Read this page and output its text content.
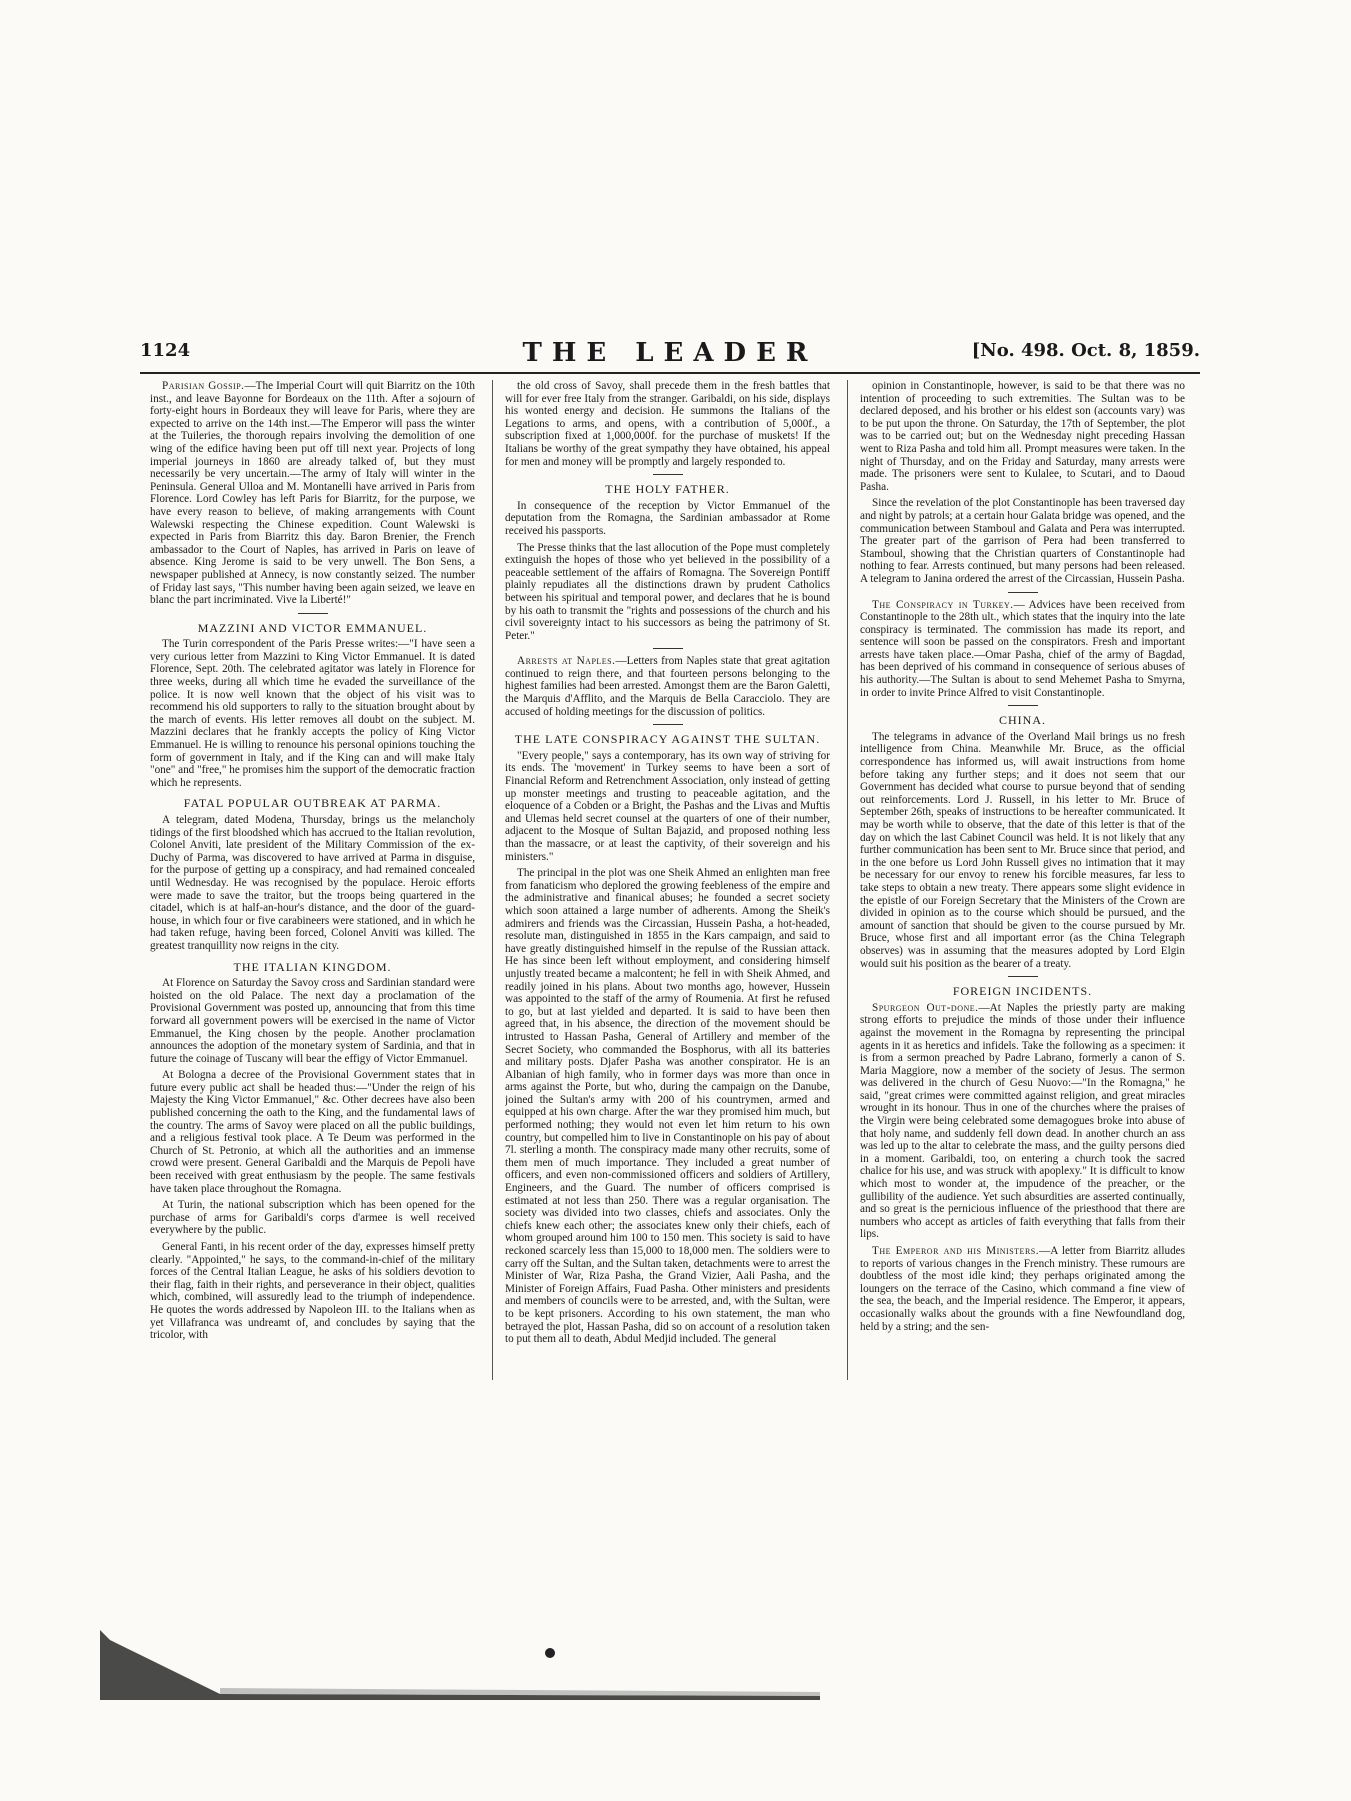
1124	THE LEADER	[No. 498. Oct. 8, 1859.

Parisian Gossip.—The Imperial Court will quit Biarritz on the 10th inst., and leave Bayonne for Bordeaux on the 11th. After a sojourn of forty-eight hours in Bordeaux they will leave for Paris, where they are expected to arrive on the 14th inst.—The Emperor will pass the winter at the Tuileries, the thorough repairs involving the demolition of one wing of the edifice having been put off till next year. Projects of long imperial journeys in 1860 are already talked of, but they must necessarily be very uncertain.—The army of Italy will winter in the Peninsula. General Ulloa and M. Montanelli have arrived in Paris from Florence. Lord Cowley has left Paris for Biarritz, for the purpose, we have every reason to believe, of making arrangements with Count Walewski respecting the Chinese expedition. Count Walewski is expected in Paris from Biarritz this day. Baron Brenier, the French ambassador to the Court of Naples, has arrived in Paris on leave of absence. King Jerome is said to be very unwell. The Bon Sens, a newspaper published at Annecy, is now constantly seized. The number of Friday last says, "This number having been again seized, we leave en blanc the part incriminated. Vive la Liberté!"

MAZZINI AND VICTOR EMMANUEL.

The Turin correspondent of the Paris Presse writes:—"I have seen a very curious letter from Mazzini to King Victor Emmanuel. It is dated Florence, Sept. 20th. The celebrated agitator was lately in Florence for three weeks, during all which time he evaded the surveillance of the police. It is now well known that the object of his visit was to recommend his old supporters to rally to the situation brought about by the march of events. His letter removes all doubt on the subject. M. Mazzini declares that he frankly accepts the policy of King Victor Emmanuel. He is willing to renounce his personal opinions touching the form of government in Italy, and if the King can and will make Italy "one" and "free," he promises him the support of the democratic fraction which he represents.

FATAL POPULAR OUTBREAK AT PARMA.

A telegram, dated Modena, Thursday, brings us the melancholy tidings of the first bloodshed which has accrued to the Italian revolution, Colonel Anviti, late president of the Military Commission of the ex-Duchy of Parma, was discovered to have arrived at Parma in disguise, for the purpose of getting up a conspiracy, and had remained concealed until Wednesday. He was recognised by the populace. Heroic efforts were made to save the traitor, but the troops being quartered in the citadel, which is at half-an-hour's distance, and the door of the guard-house, in which four or five carabineers were stationed, and in which he had taken refuge, having been forced, Colonel Anviti was killed. The greatest tranquillity now reigns in the city.

THE ITALIAN KINGDOM.

At Florence on Saturday the Savoy cross and Sardinian standard were hoisted on the old Palace. The next day a proclamation of the Provisional Government was posted up, announcing that from this time forward all government powers will be exercised in the name of Victor Emmanuel, the King chosen by the people. Another proclamation announces the adoption of the monetary system of Sardinia, and that in future the coinage of Tuscany will bear the effigy of Victor Emmanuel.

At Bologna a decree of the Provisional Government states that in future every public act shall be headed thus:—"Under the reign of his Majesty the King Victor Emmanuel," &c. Other decrees have also been published concerning the oath to the King, and the fundamental laws of the country. The arms of Savoy were placed on all the public buildings, and a religious festival took place. A Te Deum was performed in the Church of St. Petronio, at which all the authorities and an immense crowd were present. General Garibaldi and the Marquis de Pepoli have been received with great enthusiasm by the people. The same festivals have taken place throughout the Romagna.

At Turin, the national subscription which has been opened for the purchase of arms for Garibaldi's corps d'armee is well received everywhere by the public.

General Fanti, in his recent order of the day, expresses himself pretty clearly. "Appointed," he says, to the command-in-chief of the military forces of the Central Italian League, he asks of his soldiers devotion to their flag, faith in their rights, and perseverance in their object, qualities which, combined, will assuredly lead to the triumph of independence. He quotes the words addressed by Napoleon III. to the Italians when as yet Villafranca was undreamt of, and concludes by saying that the tricolor, with

the old cross of Savoy, shall precede them in the fresh battles that will for ever free Italy from the stranger. Garibaldi, on his side, displays his wonted energy and decision. He summons the Italians of the Legations to arms, and opens, with a contribution of 5,000f., a subscription fixed at 1,000,000f. for the purchase of muskets! If the Italians be worthy of the great sympathy they have obtained, his appeal for men and money will be promptly and largely responded to.

THE HOLY FATHER.

In consequence of the reception by Victor Emmanuel of the deputation from the Romagna, the Sardinian ambassador at Rome received his passports.

The Presse thinks that the last allocution of the Pope must completely extinguish the hopes of those who yet believed in the possibility of a peaceable settlement of the affairs of Romagna. The Sovereign Pontiff plainly repudiates all the distinctions drawn by prudent Catholics between his spiritual and temporal power, and declares that he is bound by his oath to transmit the "rights and possessions of the church and his civil sovereignty intact to his successors as being the patrimony of St. Peter."

Arrests at Naples.—Letters from Naples state that great agitation continued to reign there, and that fourteen persons belonging to the highest families had been arrested. Amongst them are the Baron Galetti, the Marquis d'Afflito, and the Marquis de Bella Caracciolo. They are accused of holding meetings for the discussion of politics.

THE LATE CONSPIRACY AGAINST THE SULTAN.

"Every people," says a contemporary, has its own way of striving for its ends. The 'movement' in Turkey seems to have been a sort of Financial Reform and Retrenchment Association, only instead of getting up monster meetings and trusting to peaceable agitation, and the eloquence of a Cobden or a Bright, the Pashas and the Livas and Muftis and Ulemas held secret counsel at the quarters of one of their number, adjacent to the Mosque of Sultan Bajazid, and proposed nothing less than the massacre, or at least the captivity, of their sovereign and his ministers."

The principal in the plot was one Sheik Ahmed an enlighten man free from fanaticism who deplored the growing feebleness of the empire and the administrative and finanical abuses; he founded a secret society which soon attained a large number of adherents. Among the Sheik's admirers and friends was the Circassian, Hussein Pasha, a hot-headed, resolute man, distinguished in 1855 in the Kars campaign, and said to have greatly distinguished himself in the repulse of the Russian attack. He has since been left without employment, and considering himself unjustly treated became a malcontent; he fell in with Sheik Ahmed, and readily joined in his plans. About two months ago, however, Hussein was appointed to the staff of the army of Roumenia. At first he refused to go, but at last yielded and departed. It is said to have been then agreed that, in his absence, the direction of the movement should be intrusted to Hassan Pasha, General of Artillery and member of the Secret Society, who commanded the Bosphorus, with all its batteries and military posts. Djafer Pasha was another conspirator. He is an Albanian of high family, who in former days was more than once in arms against the Porte, but who, during the campaign on the Danube, joined the Sultan's army with 200 of his countrymen, armed and equipped at his own charge. After the war they promised him much, but performed nothing; they would not even let him return to his own country, but compelled him to live in Constantinople on his pay of about 7l. sterling a month. The conspiracy made many other recruits, some of them men of much importance. They included a great number of officers, and even non-commissioned officers and soldiers of Artillery, Engineers, and the Guard. The number of officers comprised is estimated at not less than 250. There was a regular organisation. The society was divided into two classes, chiefs and associates. Only the chiefs knew each other; the associates knew only their chiefs, each of whom grouped around him 100 to 150 men. This society is said to have reckoned scarcely less than 15,000 to 18,000 men. The soldiers were to carry off the Sultan, and the Sultan taken, detachments were to arrest the Minister of War, Riza Pasha, the Grand Vizier, Aali Pasha, and the Minister of Foreign Affairs, Fuad Pasha. Other ministers and presidents and members of councils were to be arrested, and, with the Sultan, were to be kept prisoners. According to his own statement, the man who betrayed the plot, Hassan Pasha, did so on account of a resolution taken to put them all to death, Abdul Medjid included. The general

opinion in Constantinople, however, is said to be that there was no intention of proceeding to such extremities. The Sultan was to be declared deposed, and his brother or his eldest son (accounts vary) was to be put upon the throne. On Saturday, the 17th of September, the plot was to be carried out; but on the Wednesday night preceding Hassan went to Riza Pasha and told him all. Prompt measures were taken. In the night of Thursday, and on the Friday and Saturday, many arrests were made. The prisoners were sent to Kulalee, to Scutari, and to Daoud Pasha.

Since the revelation of the plot Constantinople has been traversed day and night by patrols; at a certain hour Galata bridge was opened, and the communication between Stamboul and Galata and Pera was interrupted. The greater part of the garrison of Pera had been transferred to Stamboul, showing that the Christian quarters of Constantinople had nothing to fear. Arrests continued, but many persons had been released. A telegram to Janina ordered the arrest of the Circassian, Hussein Pasha.

The Conspiracy in Turkey.— Advices have been received from Constantinople to the 28th ult., which states that the inquiry into the late conspiracy is terminated. The commission has made its report, and sentence will soon be passed on the conspirators. Fresh and important arrests have taken place.—Omar Pasha, chief of the army of Bagdad, has been deprived of his command in consequence of serious abuses of his authority.—The Sultan is about to send Mehemet Pasha to Smyrna, in order to invite Prince Alfred to visit Constantinople.

CHINA.

The telegrams in advance of the Overland Mail brings us no fresh intelligence from China. Meanwhile Mr. Bruce, as the official correspondence has informed us, will await instructions from home before taking any further steps; and it does not seem that our Government has decided what course to pursue beyond that of sending out reinforcements. Lord J. Russell, in his letter to Mr. Bruce of September 26th, speaks of instructions to be hereafter communicated. It may be worth while to observe, that the date of this letter is that of the day on which the last Cabinet Council was held. It is not likely that any further communication has been sent to Mr. Bruce since that period, and in the one before us Lord John Russell gives no intimation that it may be necessary for our envoy to renew his forcible measures, far less to take steps to obtain a new treaty. There appears some slight evidence in the epistle of our Foreign Secretary that the Ministers of the Crown are divided in opinion as to the course which should be pursued, and the amount of sanction that should be given to the course pursued by Mr. Bruce, whose first and all important error (as the China Telegraph observes) was in assuming that the measures adopted by Lord Elgin would suit his position as the bearer of a treaty.

FOREIGN INCIDENTS.

Spurgeon Out-done.—At Naples the priestly party are making strong efforts to prejudice the minds of those under their influence against the movement in the Romagna by representing the principal agents in it as heretics and infidels. Take the following as a specimen: it is from a sermon preached by Padre Labrano, formerly a canon of S. Maria Maggiore, now a member of the society of Jesus. The sermon was delivered in the church of Gesu Nuovo:—"In the Romagna," he said, "great crimes were committed against religion, and great miracles wrought in its honour. Thus in one of the churches where the praises of the Virgin were being celebrated some demagogues broke into abuse of that holy name, and suddenly fell down dead. In another church an ass was led up to the altar to celebrate the mass, and the guilty persons died in a moment. Garibaldi, too, on entering a church took the sacred chalice for his use, and was struck with apoplexy." It is difficult to know which most to wonder at, the impudence of the preacher, or the gullibility of the audience. Yet such absurdities are asserted continually, and so great is the pernicious influence of the priesthood that there are numbers who accept as articles of faith everything that falls from their lips.

The Emperor and his Ministers.—A letter from Biarritz alludes to reports of various changes in the French ministry. These rumours are doubtless of the most idle kind; they perhaps originated among the loungers on the terrace of the Casino, which command a fine view of the sea, the beach, and the Imperial residence. The Emperor, it appears, occasionally walks about the grounds with a fine Newfoundland dog, held by a string; and the sen-
